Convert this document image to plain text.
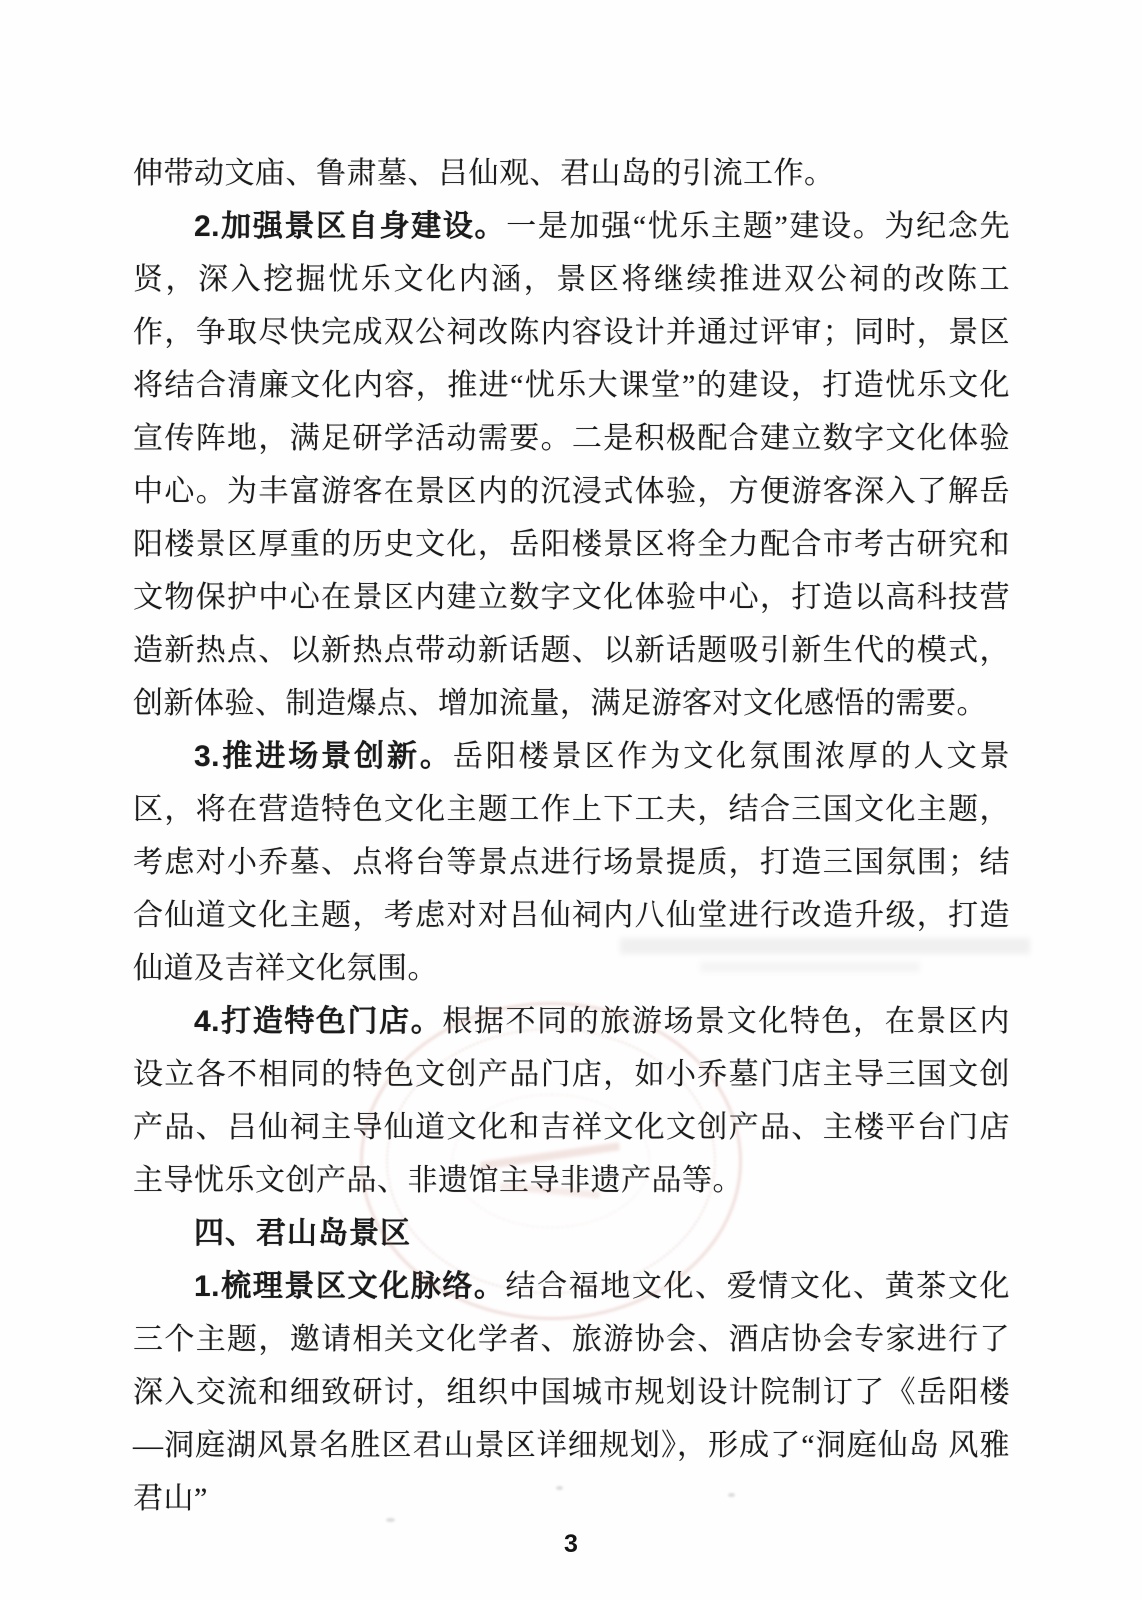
伸带动文庙、鲁肃墓、吕仙观、君山岛的引流工作。

2.加强景区自身建设。一是加强“忧乐主题”建设。为纪念先贤，深入挖掘忧乐文化内涵，景区将继续推进双公祠的改陈工作，争取尽快完成双公祠改陈内容设计并通过评审；同时，景区将结合清廉文化内容，推进“忧乐大课堂”的建设，打造忧乐文化宣传阵地，满足研学活动需要。二是积极配合建立数字文化体验中心。为丰富游客在景区内的沉浸式体验，方便游客深入了解岳阳楼景区厚重的历史文化，岳阳楼景区将全力配合市考古研究和文物保护中心在景区内建立数字文化体验中心，打造以高科技营造新热点、以新热点带动新话题、以新话题吸引新生代的模式，创新体验、制造爆点、增加流量，满足游客对文化感悟的需要。

3.推进场景创新。岳阳楼景区作为文化氛围浓厚的人文景区，将在营造特色文化主题工作上下工夫，结合三国文化主题，考虑对小乔墓、点将台等景点进行场景提质，打造三国氛围；结合仙道文化主题，考虑对对吕仙祠内八仙堂进行改造升级，打造仙道及吉祥文化氛围。

4.打造特色门店。根据不同的旅游场景文化特色，在景区内设立各不相同的特色文创产品门店，如小乔墓门店主导三国文创产品、吕仙祠主导仙道文化和吉祥文化文创产品、主楼平台门店主导忧乐文创产品、非遗馆主导非遗产品等。

四、君山岛景区

1.梳理景区文化脉络。结合福地文化、爱情文化、黄茶文化三个主题，邀请相关文化学者、旅游协会、酒店协会专家进行了深入交流和细致研讨，组织中国城市规划设计院制订了《岳阳楼—洞庭湖风景名胜区君山景区详细规划》，形成了“洞庭仙岛 风雅君山”

3
